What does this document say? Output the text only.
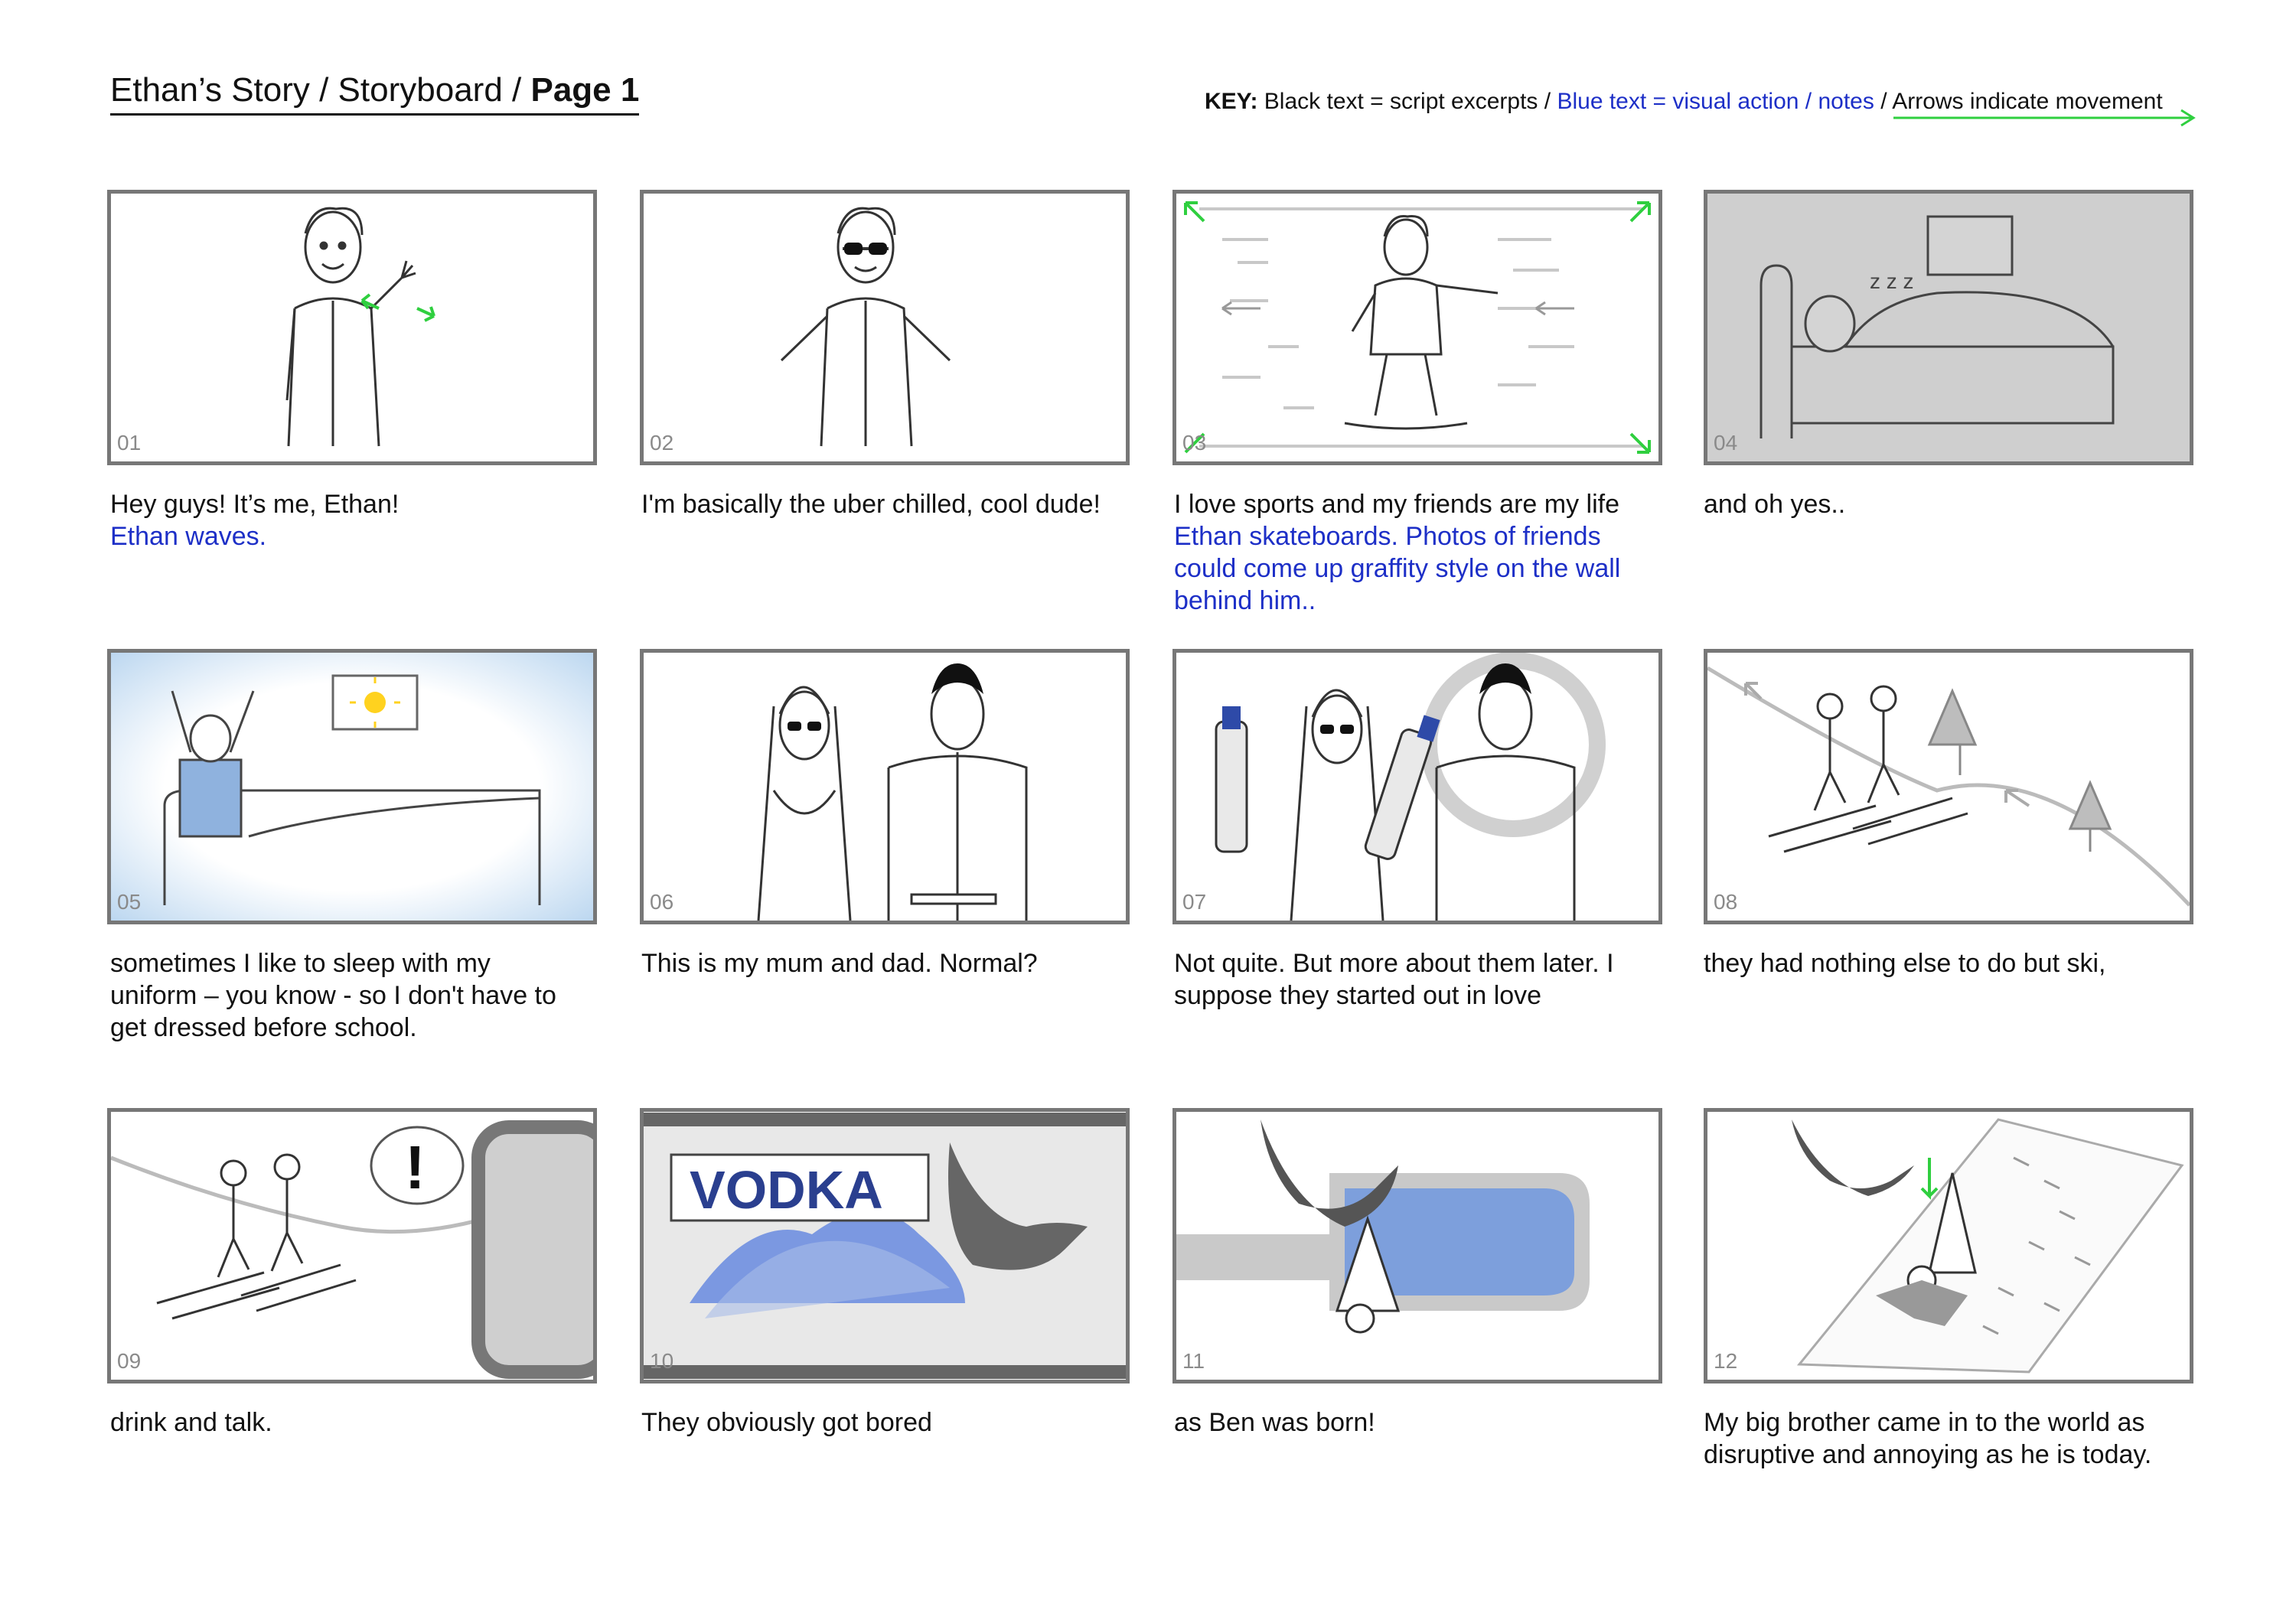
Ethan’s Story / Storyboard / Page 1	KEY: Black text = script excerpts / Blue text = visual action / notes / Arrows indicate movement
01	02	03
z z z
04
Hey guys! It’s me, Ethan!
Ethan waves.
I'm basically the uber chilled, cool dude!	I love sports and my friends are my life
Ethan skateboards. Photos of friends
could come up graffity style on the wall
behind him..
and oh yes..
05	06	07	08
sometimes I like to sleep with my
uniform – you know - so I don't have to
get dressed before school.
This is my mum and dad. Normal?	Not quite. But more about them later. I
suppose they started out in love
they had nothing else to do but ski,
!
09
VODKA
10	11	12
drink and talk.	They obviously got bored	as Ben was born!	My big brother came in to the world as
disruptive and annoying as he is today.
